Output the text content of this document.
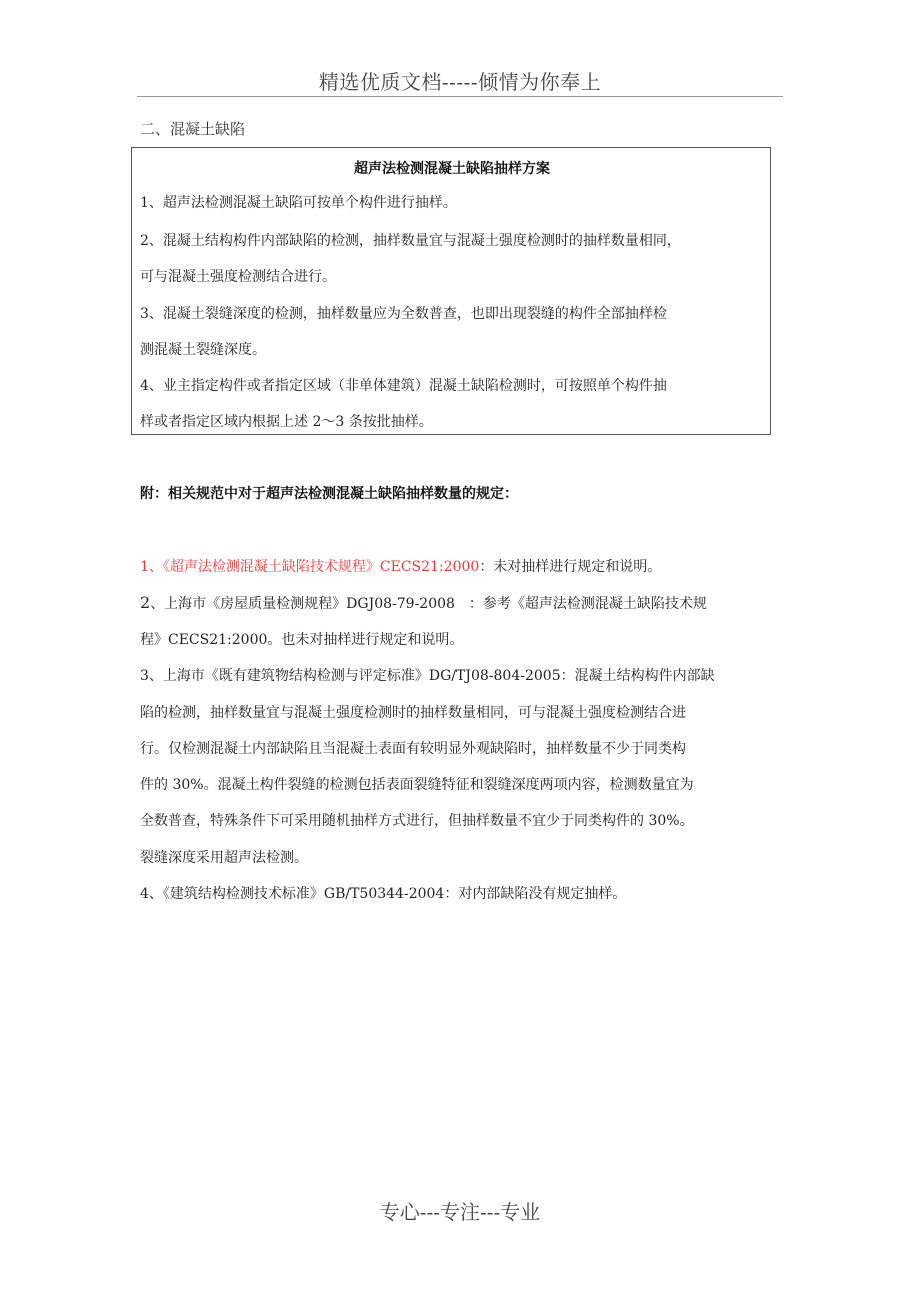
精选优质文档-----倾情为你奉上
二、混凝土缺陷
超声法检测混凝土缺陷抽样方案
1、超声法检测混凝土缺陷可按单个构件进行抽样。
2、混凝土结构构件内部缺陷的检测，抽样数量宜与混凝土强度检测时的抽样数量相同，
可与混凝土强度检测结合进行。
3、混凝土裂缝深度的检测，抽样数量应为全数普查，也即出现裂缝的构件全部抽样检
测混凝土裂缝深度。
4、业主指定构件或者指定区域（非单体建筑）混凝土缺陷检测时，可按照单个构件抽
样或者指定区域内根据上述 2～3 条按批抽样。
附：相关规范中对于超声法检测混凝土缺陷抽样数量的规定：
1、《超声法检测混凝土缺陷技术规程》CECS21:2000：未对抽样进行规定和说明。
2、上海市《房屋质量检测规程》DGJ08-79-2008　：参考《超声法检测混凝土缺陷技术规
程》CECS21:2000。也未对抽样进行规定和说明。
3、上海市《既有建筑物结构检测与评定标准》DG/TJ08-804-2005：混凝土结构构件内部缺
陷的检测，抽样数量宜与混凝土强度检测时的抽样数量相同，可与混凝土强度检测结合进
行。仅检测混凝土内部缺陷且当混凝土表面有较明显外观缺陷时，抽样数量不少于同类构
件的 30%。混凝土构件裂缝的检测包括表面裂缝特征和裂缝深度两项内容，检测数量宜为
全数普查，特殊条件下可采用随机抽样方式进行，但抽样数量不宜少于同类构件的 30%。
裂缝深度采用超声法检测。
4、《建筑结构检测技术标准》GB/T50344-2004：对内部缺陷没有规定抽样。
专心---专注---专业
